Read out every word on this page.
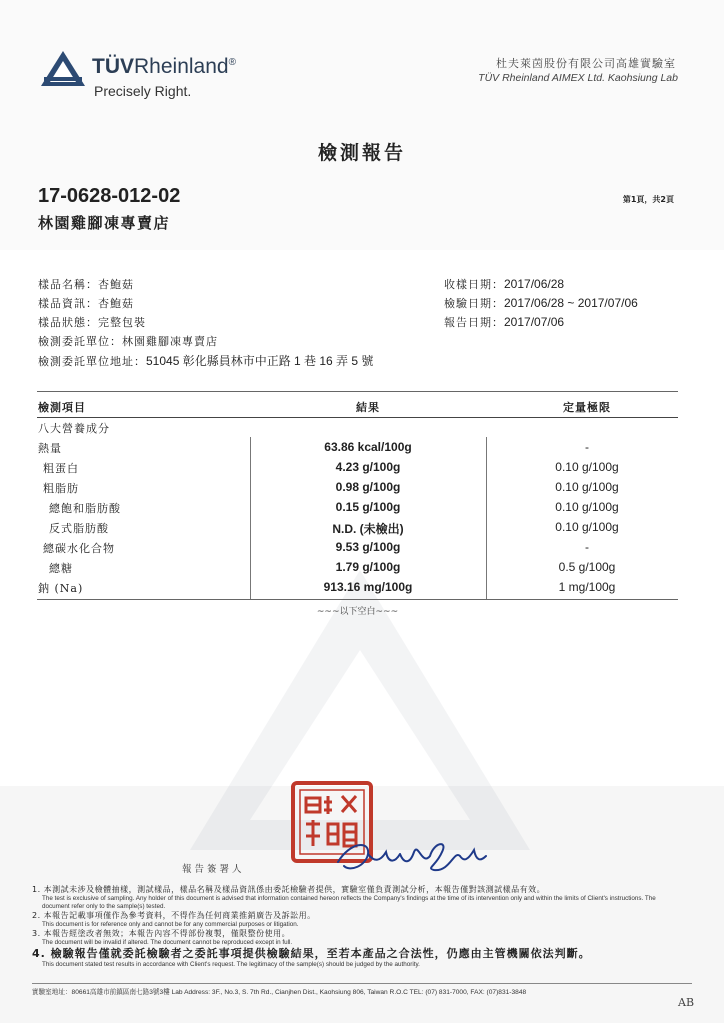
TÜVRheinland®
Precisely Right.
杜夫萊茵股份有限公司高雄實驗室
TÜV Rheinland AIMEX Ltd. Kaohsiung Lab
檢測報告
17-0628-012-02	第1頁，共2頁
林園雞腳凍專賣店
樣品名稱：杏鮑菇
樣品資訊：杏鮑菇
樣品狀態：完整包裝
檢測委託單位：林園雞腳凍專賣店
檢測委託單位地址：51045 彰化縣員林市中正路 1 巷 16 弄 5 號
收樣日期：2017/06/28
檢驗日期：2017/06/28 ~ 2017/07/06
報告日期：2017/07/06
檢測項目	結果	定量極限
八大營養成分
熱量	63.86 kcal/100g	-
粗蛋白	4.23 g/100g	0.10 g/100g
粗脂肪	0.98 g/100g	0.10 g/100g
總飽和脂肪酸	0.15 g/100g	0.10 g/100g
反式脂肪酸	N.D. (未檢出)	0.10 g/100g
總碳水化合物	9.53 g/100g	-
總糖	1.79 g/100g	0.5 g/100g
鈉 (Na)	913.16 mg/100g	1 mg/100g
~~~以下空白~~~
報告簽署人
1. 本測試未涉及檢體抽樣，測試樣品，樣品名稱及樣品資訊係由委託檢驗者提供，實驗室僅負責測試分析，本報告僅對該測試樣品有效。
The test is exclusive of sampling. Any holder of this document is advised that information contained hereon reflects the Company's findings at the time of its intervention only and within the limits of Client's instructions. The document refer only to the sample(s) tested.
2. 本報告記載事項僅作為參考資料，不得作為任何商業推銷廣告及訴訟用。
This document is for reference only and cannot be for any commercial purposes or litigation.
3. 本報告經塗改者無效；本報告內容不得部份複製，僅限整份使用。
The document will be invalid if altered. The document cannot be reproduced except in full.
4. 檢驗報告僅就委託檢驗者之委託事項提供檢驗結果，至若本產品之合法性，仍應由主管機關依法判斷。
This document stated test results in accordance with Client's request. The legitimacy of the sample(s) should be judged by the authority.
實驗室地址：80661高雄市前鎮區南七路3號3樓 Lab Address: 3F., No.3, S. 7th Rd., Cianjhen Dist., Kaohsiung 806, Taiwan R.O.C TEL: (07) 831-7000, FAX: (07)831-3848
AB
